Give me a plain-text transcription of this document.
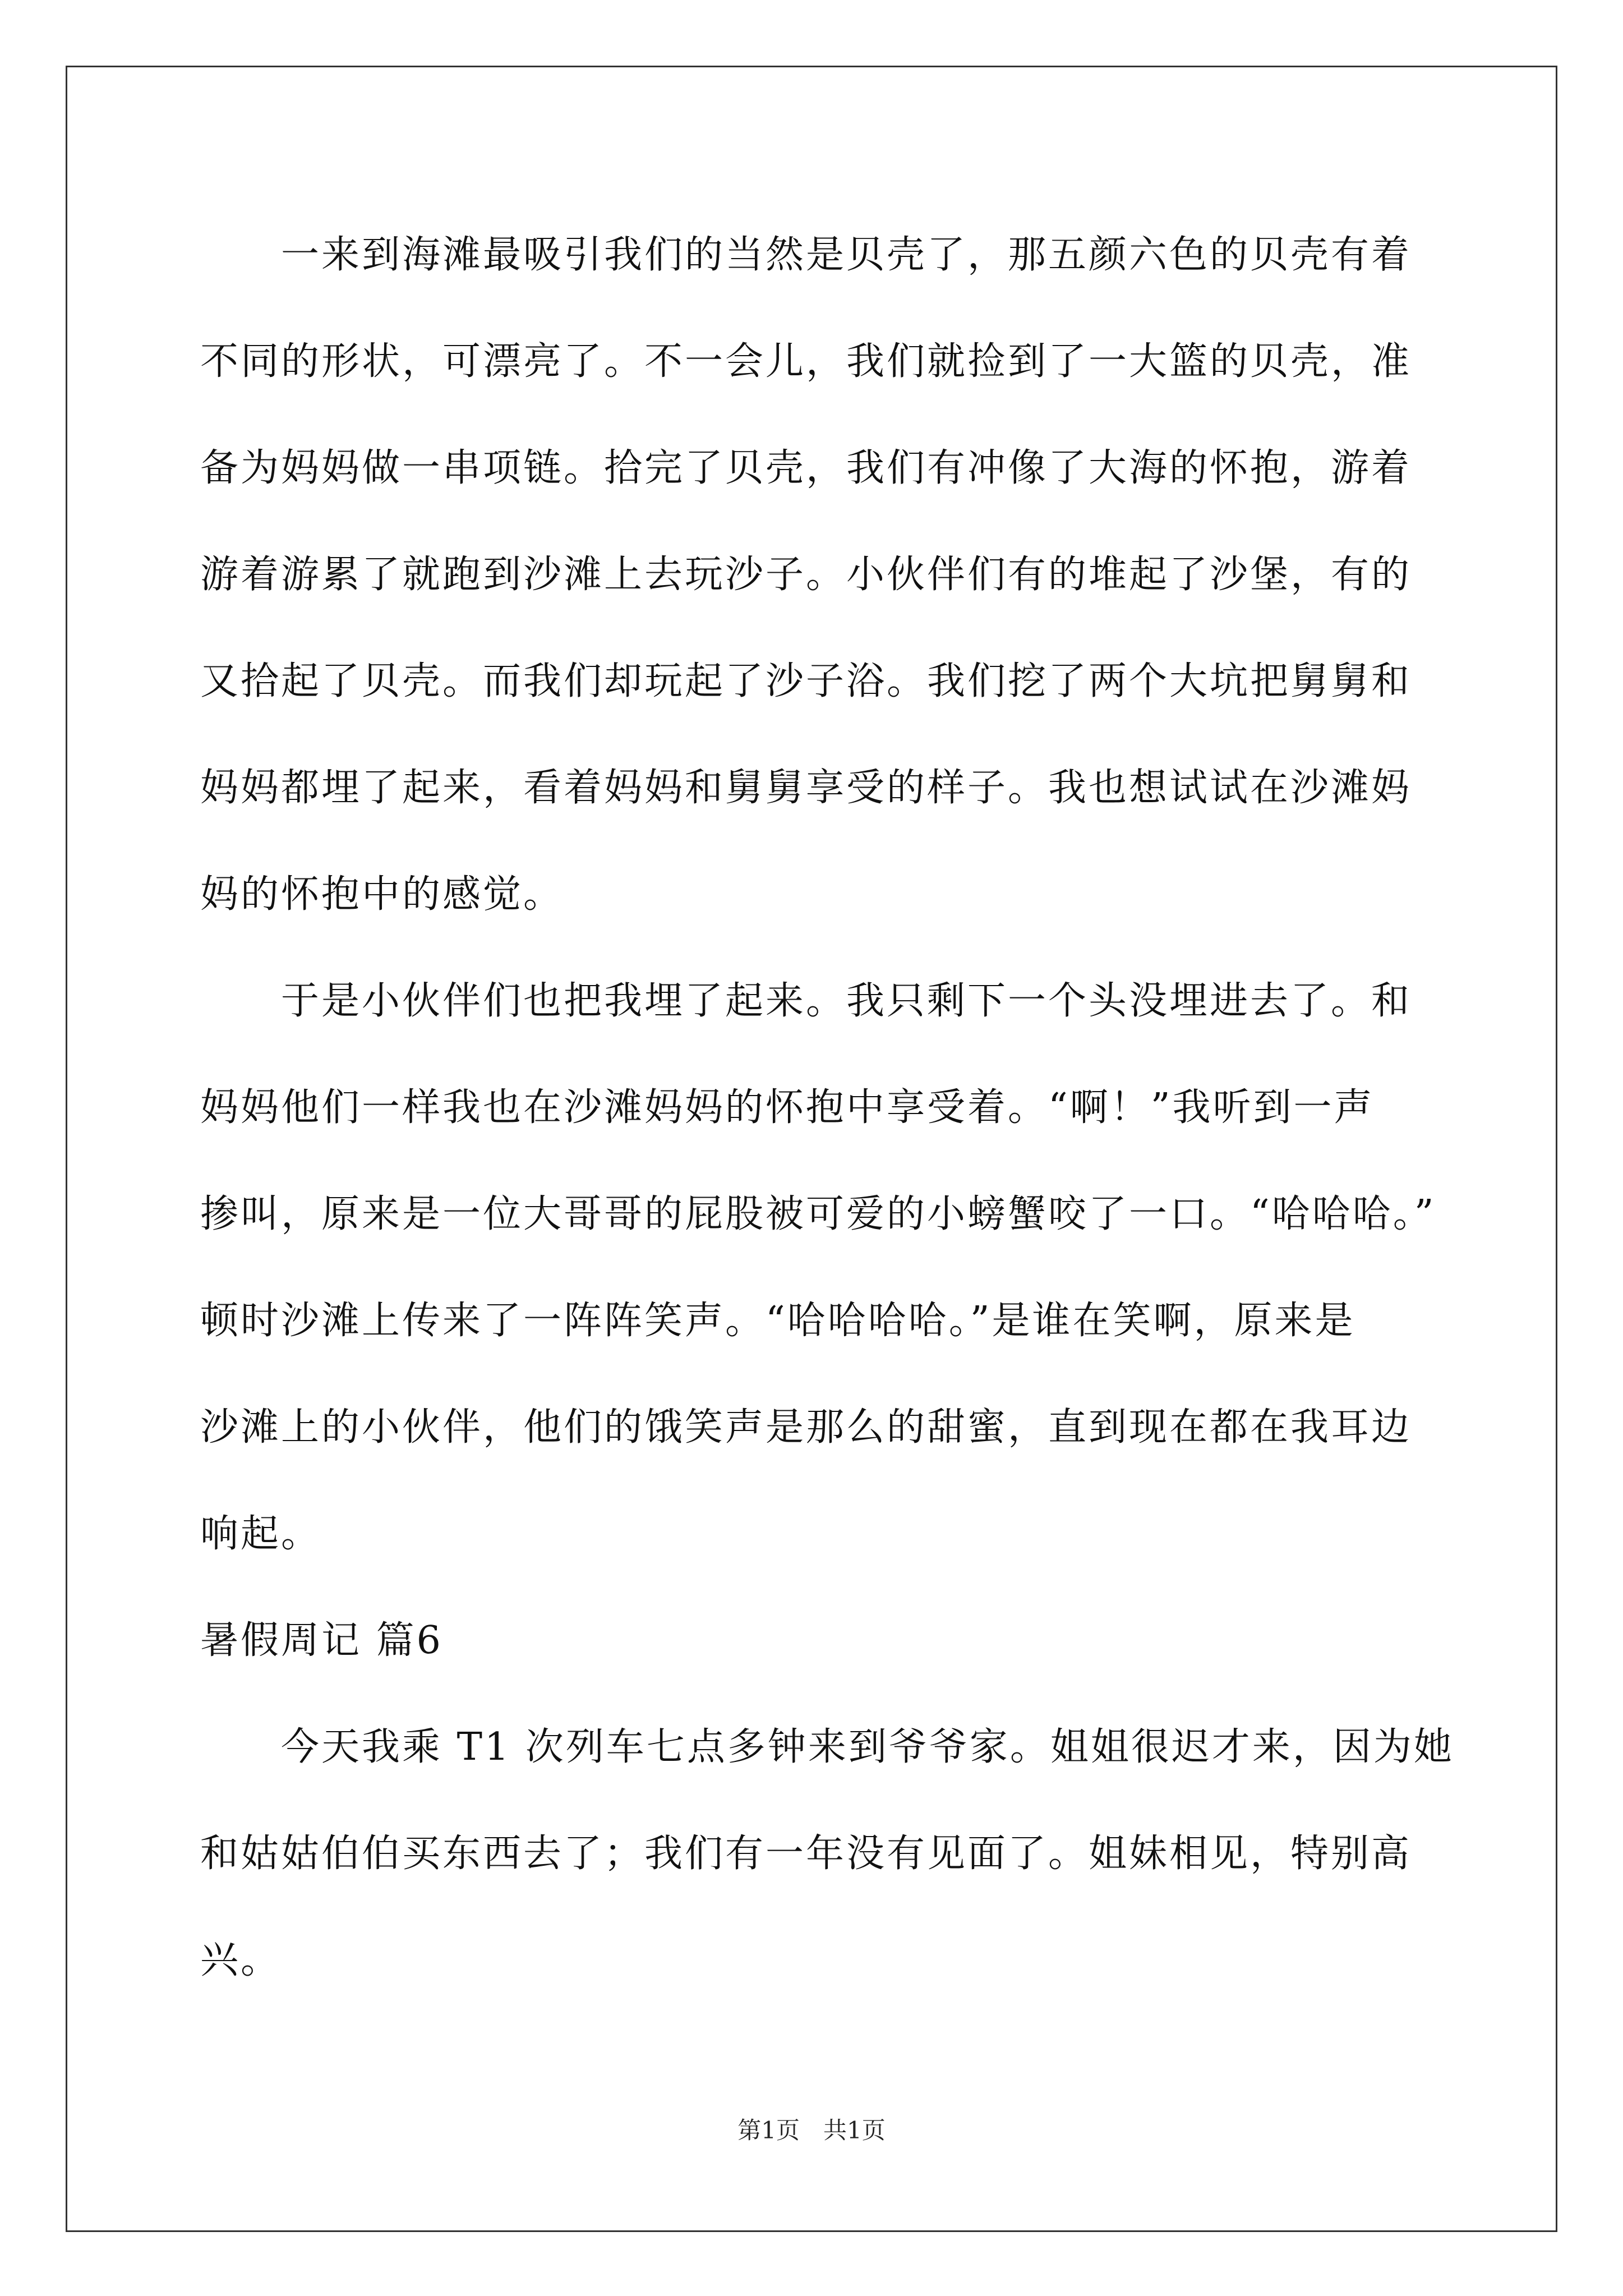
　　一来到海滩最吸引我们的当然是贝壳了，那五颜六色的贝壳有着
不同的形状，可漂亮了。不一会儿，我们就捡到了一大篮的贝壳，准
备为妈妈做一串项链。拾完了贝壳，我们有冲像了大海的怀抱，游着
游着游累了就跑到沙滩上去玩沙子。小伙伴们有的堆起了沙堡，有的
又拾起了贝壳。而我们却玩起了沙子浴。我们挖了两个大坑把舅舅和
妈妈都埋了起来，看着妈妈和舅舅享受的样子。我也想试试在沙滩妈
妈的怀抱中的感觉。
　　于是小伙伴们也把我埋了起来。我只剩下一个头没埋进去了。和
妈妈他们一样我也在沙滩妈妈的怀抱中享受着。“啊！”我听到一声
掺叫，原来是一位大哥哥的屁股被可爱的小螃蟹咬了一口。“哈哈哈。”
顿时沙滩上传来了一阵阵笑声。“哈哈哈哈。”是谁在笑啊，原来是
沙滩上的小伙伴，他们的饿笑声是那么的甜蜜，直到现在都在我耳边
响起。
暑假周记 篇6
　　今天我乘 T1 次列车七点多钟来到爷爷家。姐姐很迟才来，因为她
和姑姑伯伯买东西去了；我们有一年没有见面了。姐妹相见，特别高
兴。
第1页　共1页
